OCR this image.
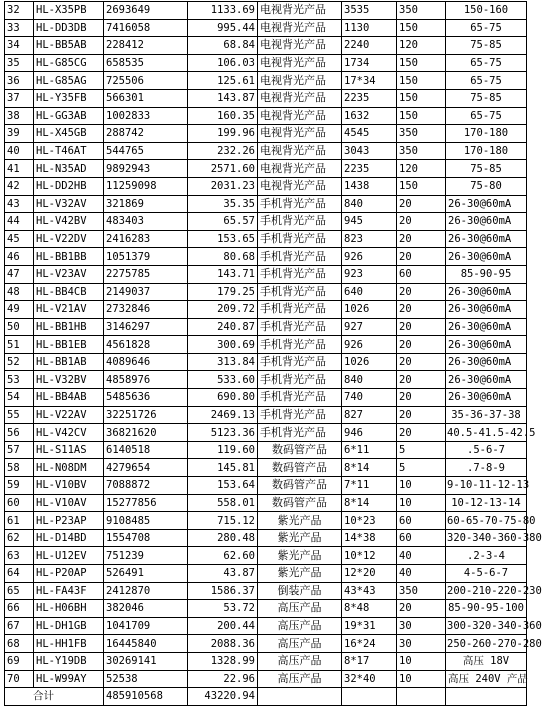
32	HL-X35PB	2693649	1133.69	电视背光产品	3535	350	150-160
33	HL-DD3DB	7416058	995.44	电视背光产品	1130	150	65-75
34	HL-BB5AB	228412	68.84	电视背光产品	2240	120	75-85
35	HL-G85CG	658535	106.03	电视背光产品	1734	150	65-75
36	HL-G85AG	725506	125.61	电视背光产品	17*34	150	65-75
37	HL-Y35FB	566301	143.87	电视背光产品	2235	150	75-85
38	HL-GG3AB	1002833	160.35	电视背光产品	1632	150	65-75
39	HL-X45GB	288742	199.96	电视背光产品	4545	350	170-180
40	HL-T46AT	544765	232.26	电视背光产品	3043	350	170-180
41	HL-N35AD	9892943	2571.60	电视背光产品	2235	120	75-85
42	HL-DD2HB	11259098	2031.23	电视背光产品	1438	150	75-80
43	HL-V32AV	321869	35.35	手机背光产品	840	20	26-30@60mA
44	HL-V42BV	483403	65.57	手机背光产品	945	20	26-30@60mA
45	HL-V22DV	2416283	153.65	手机背光产品	823	20	26-30@60mA
46	HL-BB1BB	1051379	80.68	手机背光产品	926	20	26-30@60mA
47	HL-V23AV	2275785	143.71	手机背光产品	923	60	85-90-95
48	HL-BB4CB	2149037	179.25	手机背光产品	640	20	26-30@60mA
49	HL-V21AV	2732846	209.72	手机背光产品	1026	20	26-30@60mA
50	HL-BB1HB	3146297	240.87	手机背光产品	927	20	26-30@60mA
51	HL-BB1EB	4561828	300.69	手机背光产品	926	20	26-30@60mA
52	HL-BB1AB	4089646	313.84	手机背光产品	1026	20	26-30@60mA
53	HL-V32BV	4858976	533.60	手机背光产品	840	20	26-30@60mA
54	HL-BB4AB	5485636	690.80	手机背光产品	740	20	26-30@60mA
55	HL-V22AV	32251726	2469.13	手机背光产品	827	20	35-36-37-38
56	HL-V42CV	36821620	5123.36	手机背光产品	946	20	40.5-41.5-42.5
57	HL-S11AS	6140518	119.60	数码管产品	6*11	5	.5-6-7
58	HL-N08DM	4279654	145.81	数码管产品	8*14	5	.7-8-9
59	HL-V10BV	7088872	153.64	数码管产品	7*11	10	9-10-11-12-13
60	HL-V10AV	15277856	558.01	数码管产品	8*14	10	10-12-13-14
61	HL-P23AP	9108485	715.12	紫光产品	10*23	60	60-65-70-75-80
62	HL-D14BD	1554708	280.48	紫光产品	14*38	60	320-340-360-380
63	HL-U12EV	751239	62.60	紫光产品	10*12	40	.2-3-4
64	HL-P20AP	526491	43.87	紫光产品	12*20	40	4-5-6-7
65	HL-FA43F	2412870	1586.37	倒装产品	43*43	350	200-210-220-230
66	HL-H06BH	382046	53.72	高压产品	8*48	20	85-90-95-100
67	HL-DH1GB	1041709	200.44	高压产品	19*31	30	300-320-340-360
68	HL-HH1FB	16445840	2088.36	高压产品	16*24	30	250-260-270-280
69	HL-Y19DB	30269141	1328.99	高压产品	8*17	10	高压 18V
70	HL-W99AY	52538	22.96	高压产品	32*40	10	高压 240V 产品
合计		485910568	43220.94				
